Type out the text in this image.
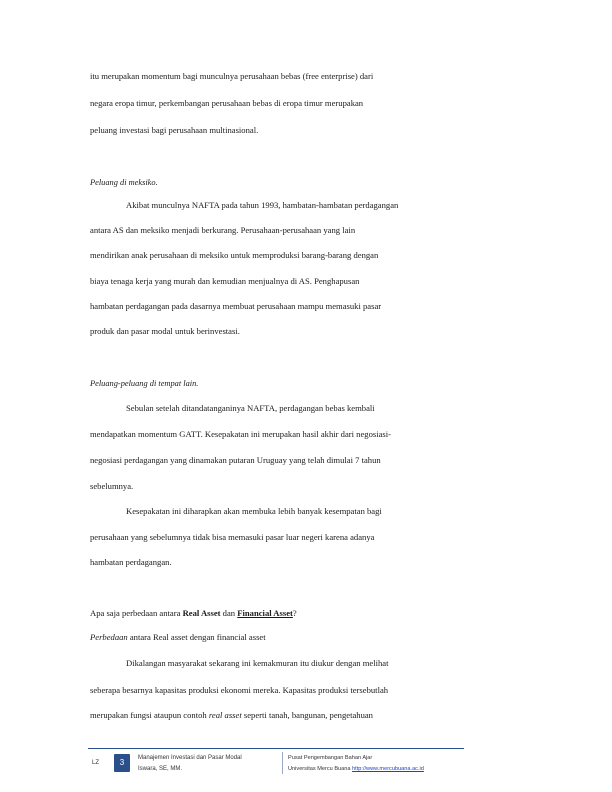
itu merupakan momentum bagi munculnya perusahaan bebas (free enterprise) dari
negara eropa timur, perkembangan perusahaan bebas di eropa timur merupakan
peluang investasi bagi perusahaan multinasional.
Peluang di meksiko.
Akibat munculnya NAFTA pada tahun 1993, hambatan-hambatan perdagangan
antara AS dan meksiko menjadi berkurang. Perusahaan-perusahaan yang lain
mendirikan anak perusahaan di meksiko untuk memproduksi barang-barang dengan
biaya tenaga kerja yang murah dan kemudian menjualnya di AS. Penghapusan
hambatan perdagangan pada dasarnya membuat perusahaan mampu memasuki pasar
produk dan pasar modal untuk berinvestasi.
Peluang-peluang di tempat lain.
Sebulan setelah ditandatanganinya NAFTA, perdagangan bebas kembali
mendapatkan momentum GATT. Kesepakatan ini merupakan hasil akhir dari negosiasi-
negosiasi perdagangan yang dinamakan putaran Uruguay yang telah dimulai 7 tahun
sebelumnya.
Kesepakatan ini diharapkan akan membuka lebih banyak kesempatan bagi
perusahaan yang sebelumnya tidak bisa memasuki pasar luar negeri karena adanya
hambatan perdagangan.
Apa saja perbedaan antara Real Asset dan Financial Asset?
Perbedaan antara Real asset dengan financial asset
Dikalangan masyarakat sekarang ini kemakmuran itu diukur dengan melihat
seberapa besarnya kapasitas produksi ekonomi mereka. Kapasitas produksi tersebutlah
merupakan fungsi ataupun contoh real asset seperti tanah, bangunan, pengetahuan
LZ	3	Manajemen Investasi dan Pasar Modal
Iswara, SE, MM.
Pusat Pengembangan Bahan Ajar
Universitas Mercu Buana http://www.mercubuana.ac.id
